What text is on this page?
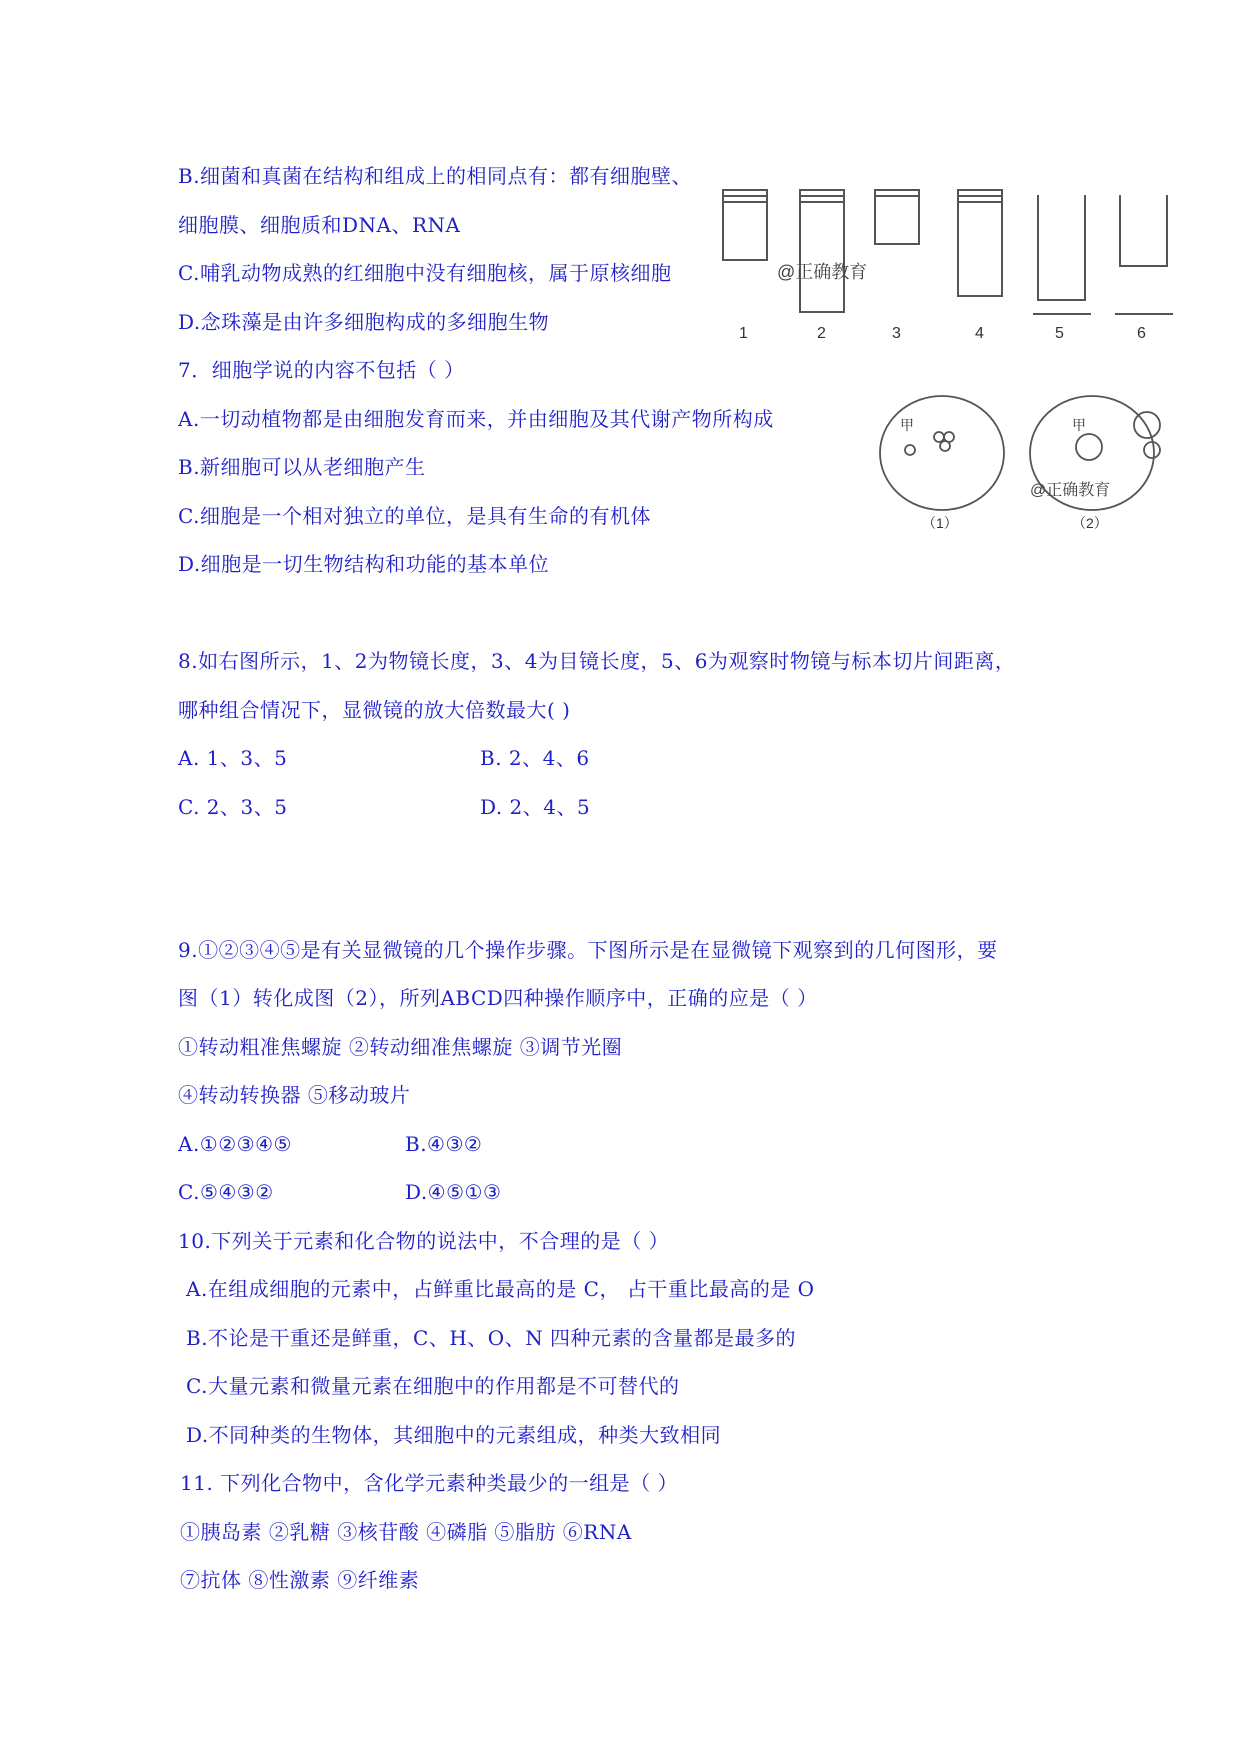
B.细菌和真菌在结构和组成上的相同点有：都有细胞壁、
细胞膜、细胞质和DNA、RNA
C.哺乳动物成熟的红细胞中没有细胞核，属于原核细胞
D.念珠藻是由许多细胞构成的多细胞生物
7．细胞学说的内容不包括（ ）
A.一切动植物都是由细胞发育而来，并由细胞及其代谢产物所构成
B.新细胞可以从老细胞产生
C.细胞是一个相对独立的单位，是具有生命的有机体
D.细胞是一切生物结构和功能的基本单位
8.如右图所示，1、2为物镜长度，3、4为目镜长度，5、6为观察时物镜与标本切片间距离，
哪种组合情况下，显微镜的放大倍数最大( )
A. 1、3、5	B. 2、4、6
C. 2、3、5	D. 2、4、5
9.①②③④⑤是有关显微镜的几个操作步骤。下图所示是在显微镜下观察到的几何图形，要
图（1）转化成图（2），所列ABCD四种操作顺序中，正确的应是（ ）
①转动粗准焦螺旋 ②转动细准焦螺旋 ③调节光圈
④转动转换器 ⑤移动玻片
A.①②③④⑤	B.④③②
C.⑤④③②	D.④⑤①③
10.下列关于元素和化合物的说法中，不合理的是（ ）
A.在组成细胞的元素中，占鲜重比最高的是 C， 占干重比最高的是 O
B.不论是干重还是鲜重，C、H、O、N 四种元素的含量都是最多的
C.大量元素和微量元素在细胞中的作用都是不可替代的
D.不同种类的生物体，其细胞中的元素组成，种类大致相同
11. 下列化合物中，含化学元素种类最少的一组是（ ）
①胰岛素 ②乳糖 ③核苷酸 ④磷脂 ⑤脂肪 ⑥RNA
⑦抗体 ⑧性激素 ⑨纤维素
@正确教育
1	2	3	4	5	6
甲	甲
@正确教育
（1）	（2）
